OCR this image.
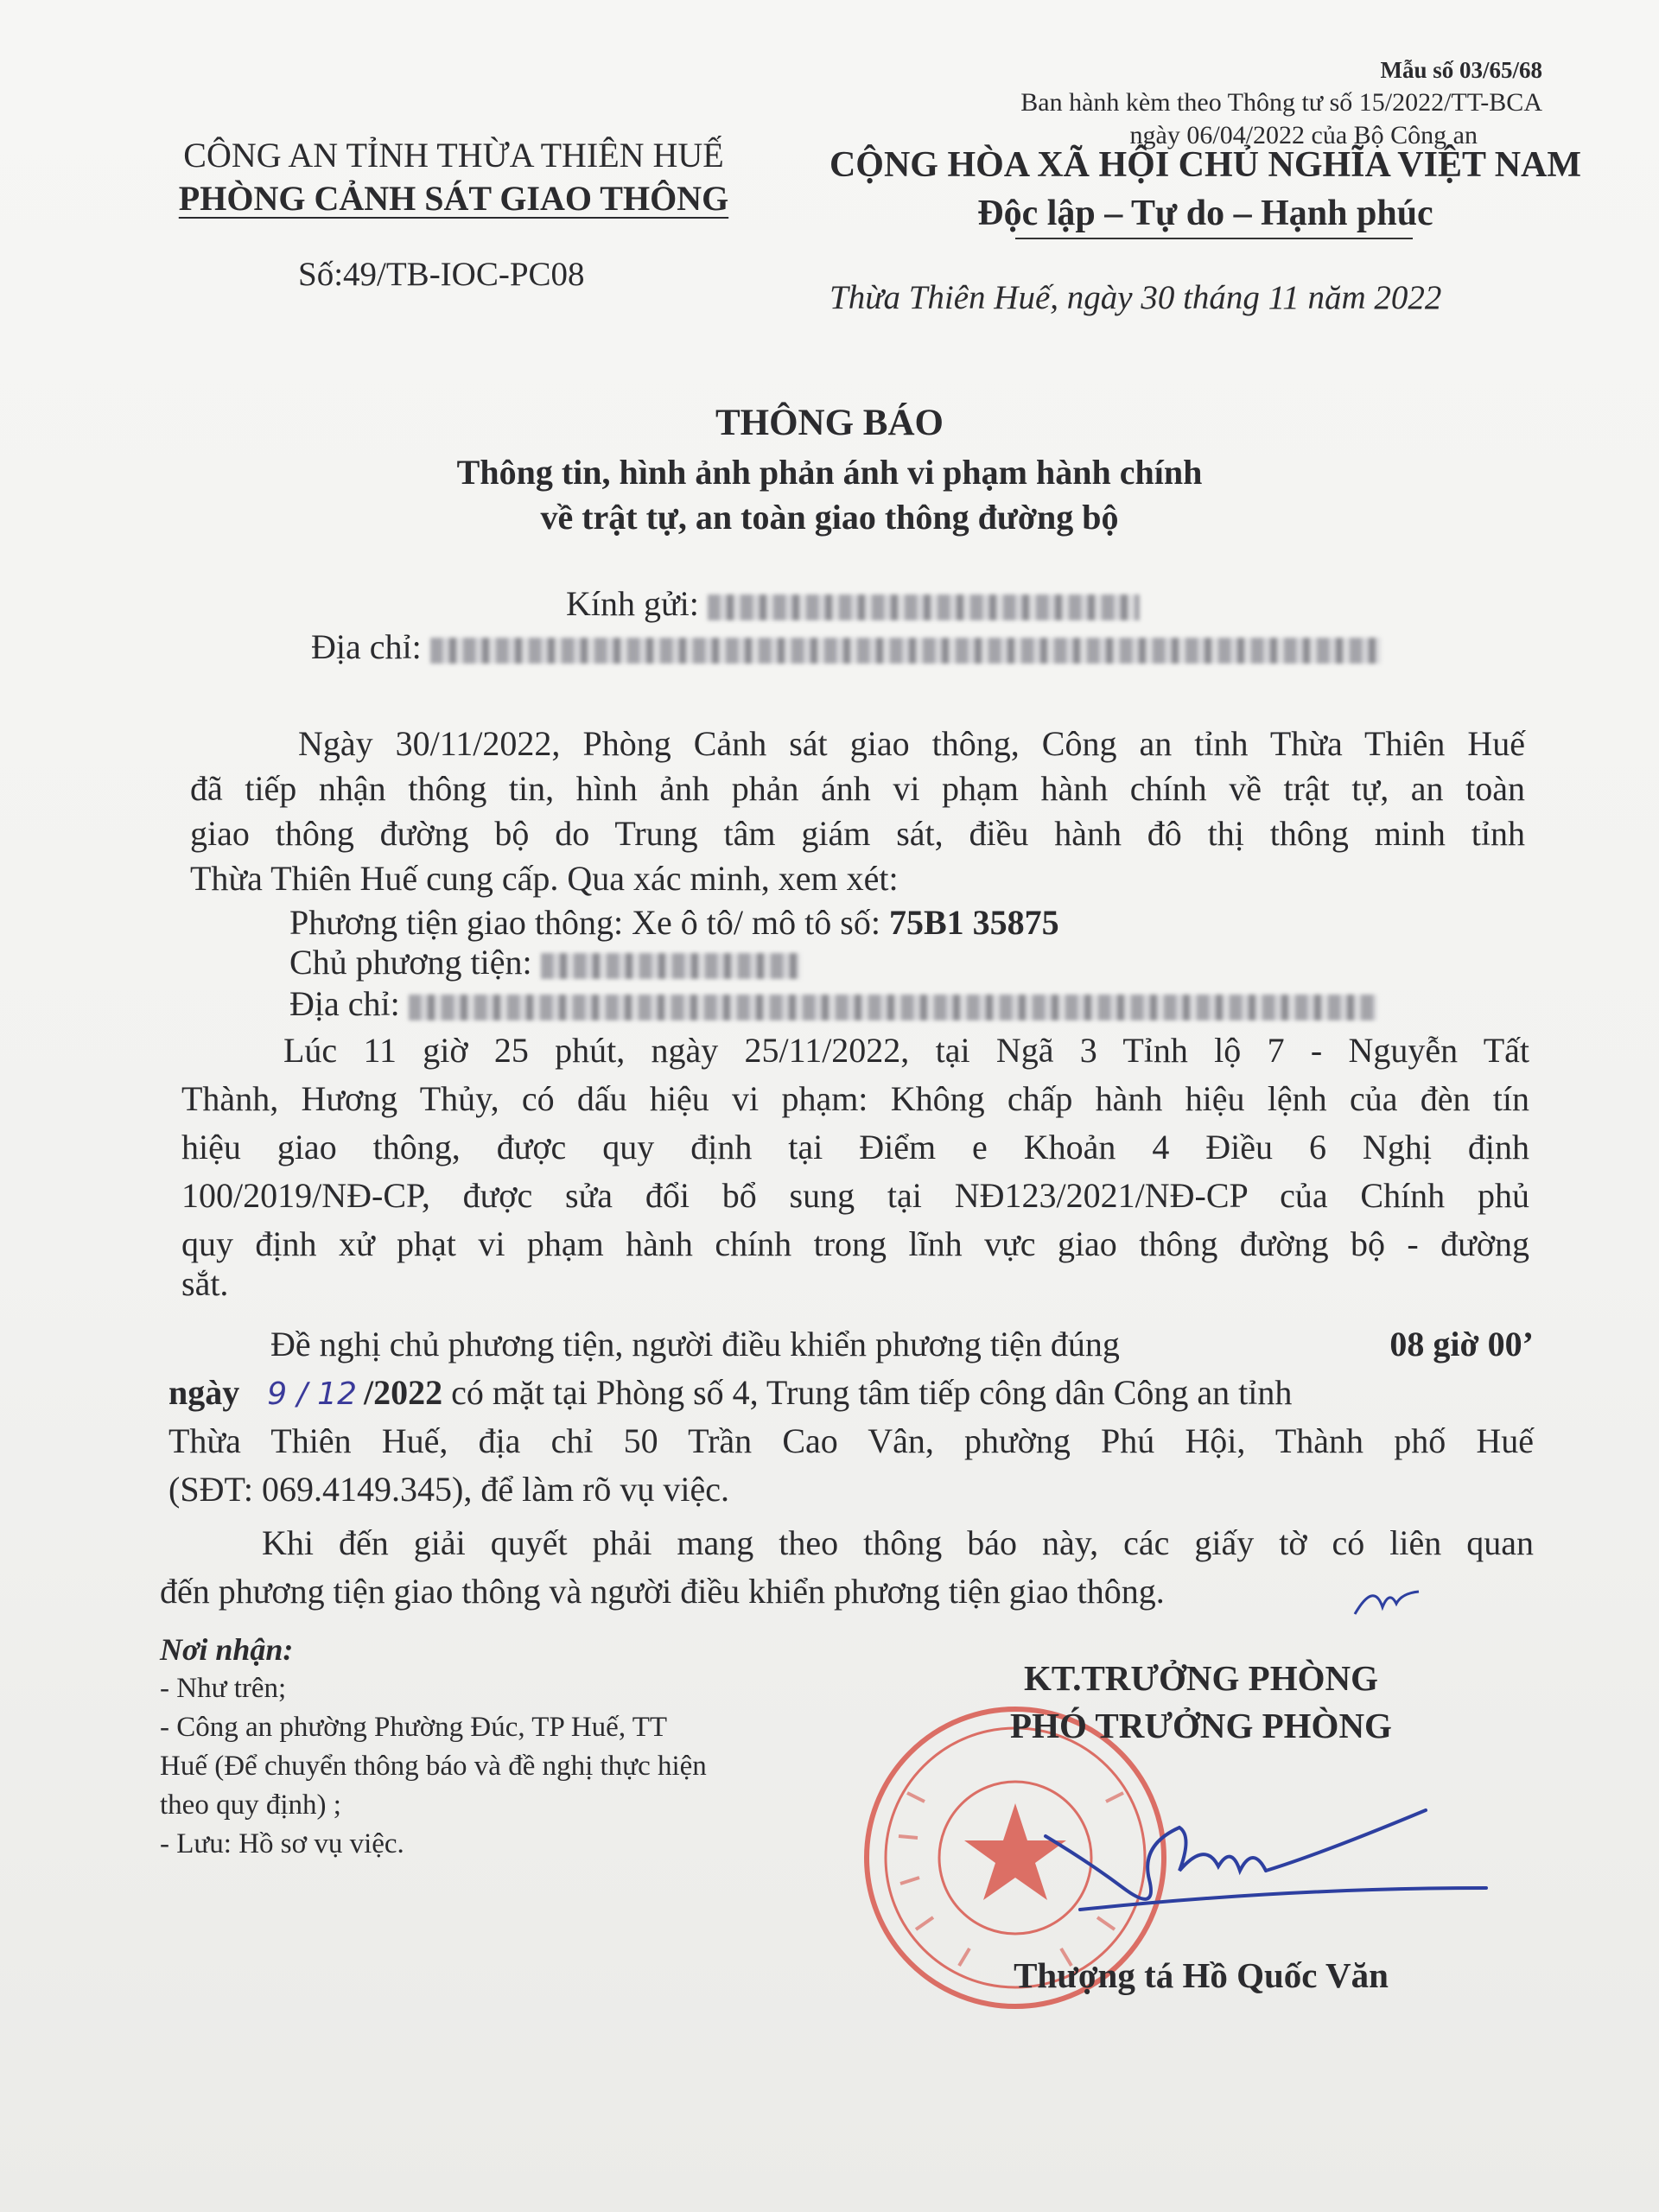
Mẫu số 03/65/68
Ban hành kèm theo Thông tư số 15/2022/TT-BCA
ngày 06/04/2022 của Bộ Công an
CÔNG AN TỈNH THỪA THIÊN HUẾ
PHÒNG CẢNH SÁT GIAO THÔNG
Số:49/TB-IOC-PC08
CỘNG HÒA XÃ HỘI CHỦ NGHĨA VIỆT NAM
Độc lập – Tự do – Hạnh phúc
Thừa Thiên Huế, ngày 30 tháng 11 năm 2022
THÔNG BÁO
Thông tin, hình ảnh phản ánh vi phạm hành chính
về trật tự, an toàn giao thông đường bộ
Kính gửi:
Địa chỉ:
Ngày 30/11/2022, Phòng Cảnh sát giao thông, Công an tỉnh Thừa Thiên Huế
đã tiếp nhận thông tin, hình ảnh phản ánh vi phạm hành chính về trật tự, an toàn
giao thông đường bộ do Trung tâm giám sát, điều hành đô thị thông minh tỉnh
Thừa Thiên Huế cung cấp. Qua xác minh, xem xét:
Phương tiện giao thông: Xe ô tô/ mô tô số: 75B1 35875
Chủ phương tiện:
Địa chỉ:
Lúc 11 giờ 25 phút, ngày 25/11/2022, tại Ngã 3 Tỉnh lộ 7 - Nguyễn Tất
Thành, Hương Thủy, có dấu hiệu vi phạm: Không chấp hành hiệu lệnh của đèn tín
hiệu giao thông, được quy định tại Điểm e Khoản 4 Điều 6 Nghị định
100/2019/NĐ-CP, được sửa đổi bổ sung tại NĐ123/2021/NĐ-CP của Chính phủ
quy định xử phạt vi phạm hành chính trong lĩnh vực giao thông đường bộ - đường
sắt.
Đề nghị chủ phương tiện, người điều khiển phương tiện đúng	08 giờ 00’
ngày 9 / 12 /2022 có mặt tại Phòng số 4, Trung tâm tiếp công dân Công an tỉnh
Thừa Thiên Huế, địa chỉ 50 Trần Cao Vân, phường Phú Hội, Thành phố Huế
(SĐT: 069.4149.345), để làm rõ vụ việc.
Khi đến giải quyết phải mang theo thông báo này, các giấy tờ có liên quan
đến phương tiện giao thông và người điều khiển phương tiện giao thông.
Nơi nhận:
- Như trên;
- Công an phường Phường Đúc, TP Huế, TT
Huế (Để chuyển thông báo và đề nghị thực hiện
theo quy định) ;
- Lưu: Hồ sơ vụ việc.
KT.TRƯỞNG PHÒNG
PHÓ TRƯỞNG PHÒNG
Thượng tá Hồ Quốc Văn
